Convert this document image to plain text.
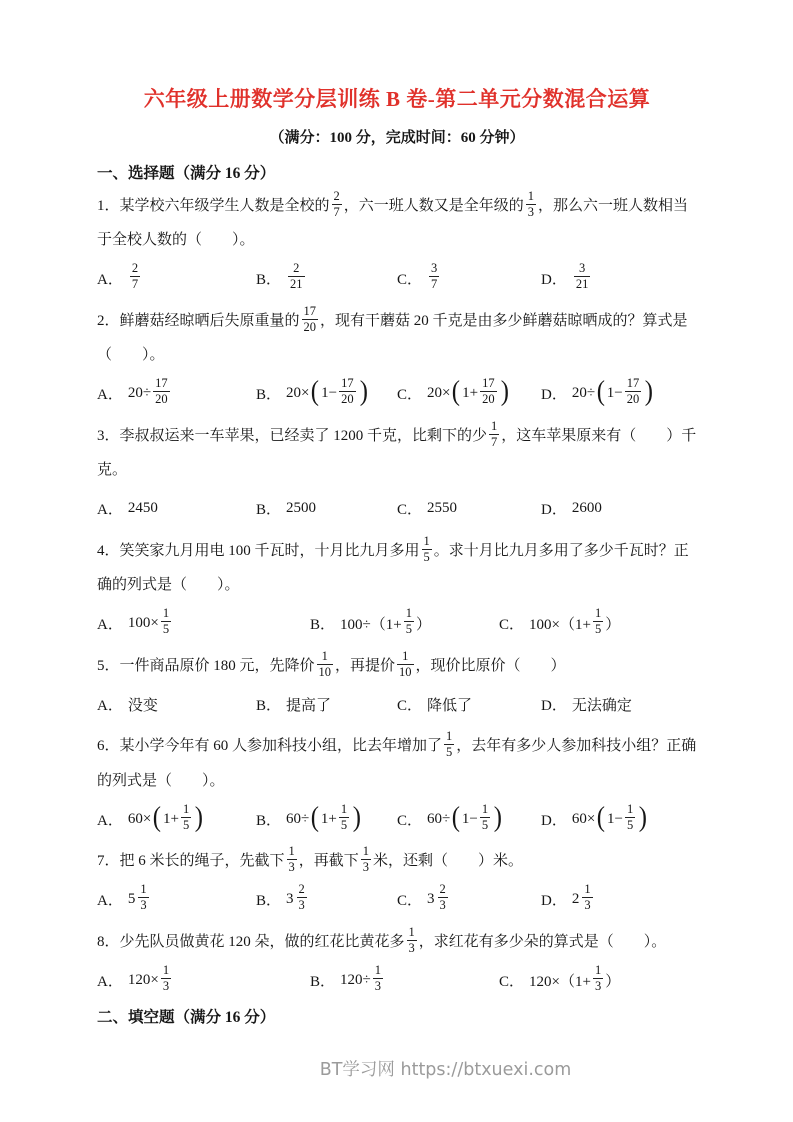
六年级上册数学分层训练 B 卷-第二单元分数混合运算
（满分：100 分，完成时间：60 分钟）
一、选择题（满分 16 分）

1．某学校六年级学生人数是全校的 $\frac{2}{7}$ ，六一班人数又是全年级的 $\frac{1}{3}$ ，那么六一班人数相当于全校人数的（　　）。

A． $\frac{2}{7}$	B． $\frac{2}{21}$	C． $\frac{3}{7}$	D． $\frac{3}{21}$

2．鲜蘑菇经晾晒后失原重量的 $\frac{17}{20}$ ，现有干蘑菇 20 千克是由多少鲜蘑菇晾晒成的？算式是（　　）。

A． $20\div \frac{17}{20}$	B． 20× ( $1- \frac{17}{20}$ ) C． 20× ( $1+ \frac{17}{20}$ ) D． 20÷ ( $1- \frac{17}{20}$ )

3．李叔叔运来一车苹果，已经卖了 1200 千克，比剩下的少 $\frac{1}{7}$ ，这车苹果原来有（　　）千克。

A． 2450	B． 2500	C． 2550	D． 2600

4．笑笑家九月用电 100 千瓦时，十月比九月多用 $\frac{1}{5}$ 。求十月比九月多用了多少千瓦时？正确的列式是（　　）。

A． $100\times \frac{1}{5}$	B． $100\div(1+ \frac{1}{5}$ ）	C． $100\times(1+ \frac{1}{5}$ ）

5．一件商品原价 180 元，先降价 $\frac{1}{10}$ ，再提价 $\frac{1}{10}$ ，现价比原价（　　）

A． 没变	B． 提高了	C． 降低了	D． 无法确定

6．某小学今年有 60 人参加科技小组，比去年增加了 $\frac{1}{5}$ ，去年有多少人参加科技小组？正确的列式是（　　）。

A． 60× ( $1+ \frac{1}{5}$ )	B． 60÷ ( $1+ \frac{1}{5}$ ) C． 60÷ ( $1- \frac{1}{5}$ )	D． 60× ( $1- \frac{1}{5}$ )

7．把 6 米长的绳子，先截下 $\frac{1}{3}$ ，再截下 $\frac{1}{3}$ 米，还剩（　　）米。

A． $5 \frac{1}{3}$	B． $3 \frac{2}{3}$	C． $3 \frac{2}{3}$	D． $2 \frac{1}{3}$

8．少先队员做黄花 120 朵，做的红花比黄花多 $\frac{1}{3}$ ，求红花有多少朵的算式是（　　）。

A． $120\times \frac{1}{3}$	B． $120\div \frac{1}{3}$	C． $120\times(1+ \frac{1}{3}$ ）
二、填空题（满分 16 分）
BT学习网 https://btxuexi.com
